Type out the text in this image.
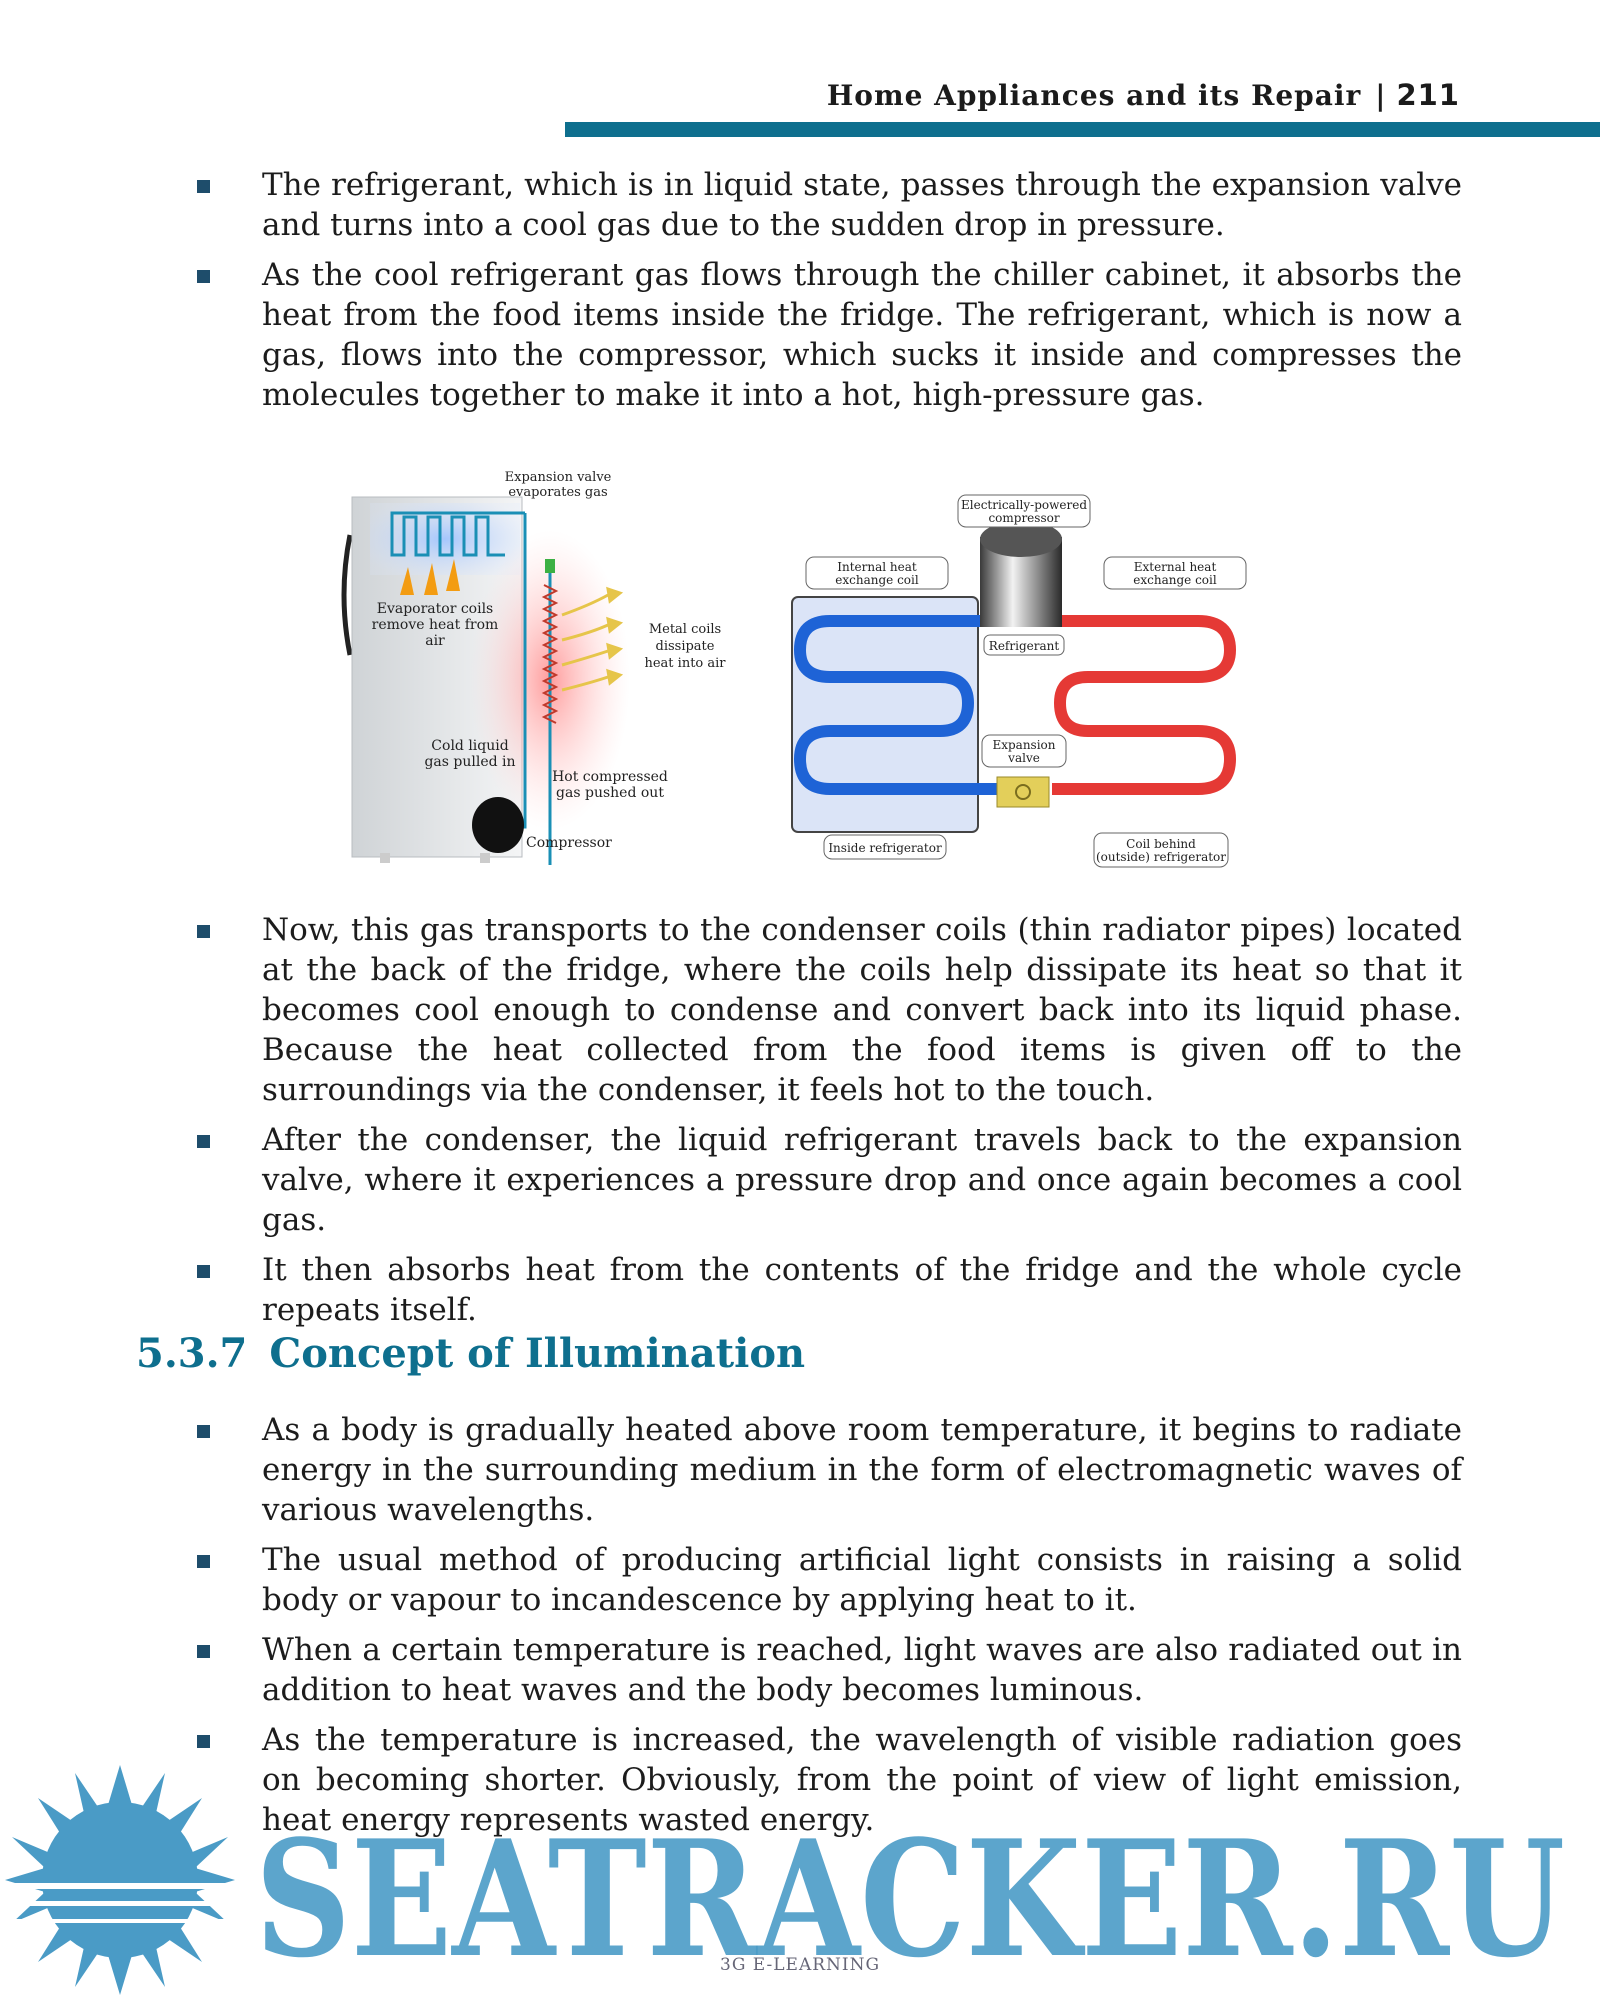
Home Appliances and its Repair | 211
The refrigerant, which is in liquid state, passes through the expansion valve and turns into a cool gas due to the sudden drop in pressure.
As the cool refrigerant gas flows through the chiller cabinet, it absorbs the heat from the food items inside the fridge. The refrigerant, which is now a gas, flows into the compressor, which sucks it inside and compresses the molecules together to make it into a hot, high-pressure gas.
Expansion valve
evaporates gas
Evaporator coils
remove heat from
air
Metal coils
dissipate
heat into air
Cold liquid
gas pulled in
Hot compressed
gas pushed out
Compressor
Electrically-powered
compressor
Internal heat
exchange coil
External heat
exchange coil
Refrigerant
Expansion
valve
Inside refrigerator	Coil behind
(outside) refrigerator
Now, this gas transports to the condenser coils (thin radiator pipes) located at the back of the fridge, where the coils help dissipate its heat so that it becomes cool enough to condense and convert back into its liquid phase. Because the heat collected from the food items is given off to the surroundings via the condenser, it feels hot to the touch.
After the condenser, the liquid refrigerant travels back to the expansion valve, where it experiences a pressure drop and once again becomes a cool gas.
It then absorbs heat from the contents of the fridge and the whole cycle repeats itself.
5.3.7 Concept of Illumination
As a body is gradually heated above room temperature, it begins to radiate energy in the surrounding medium in the form of electromagnetic waves of various wavelengths.
The usual method of producing artificial light consists in raising a solid body or vapour to incandescence by applying heat to it.
When a certain temperature is reached, light waves are also radiated out in addition to heat waves and the body becomes luminous.
As the temperature is increased, the wavelength of visible radiation goes on becoming shorter. Obviously, from the point of view of light emission, heat energy represents wasted energy.
SEATRACKER.RU
3G E-LEARNING
